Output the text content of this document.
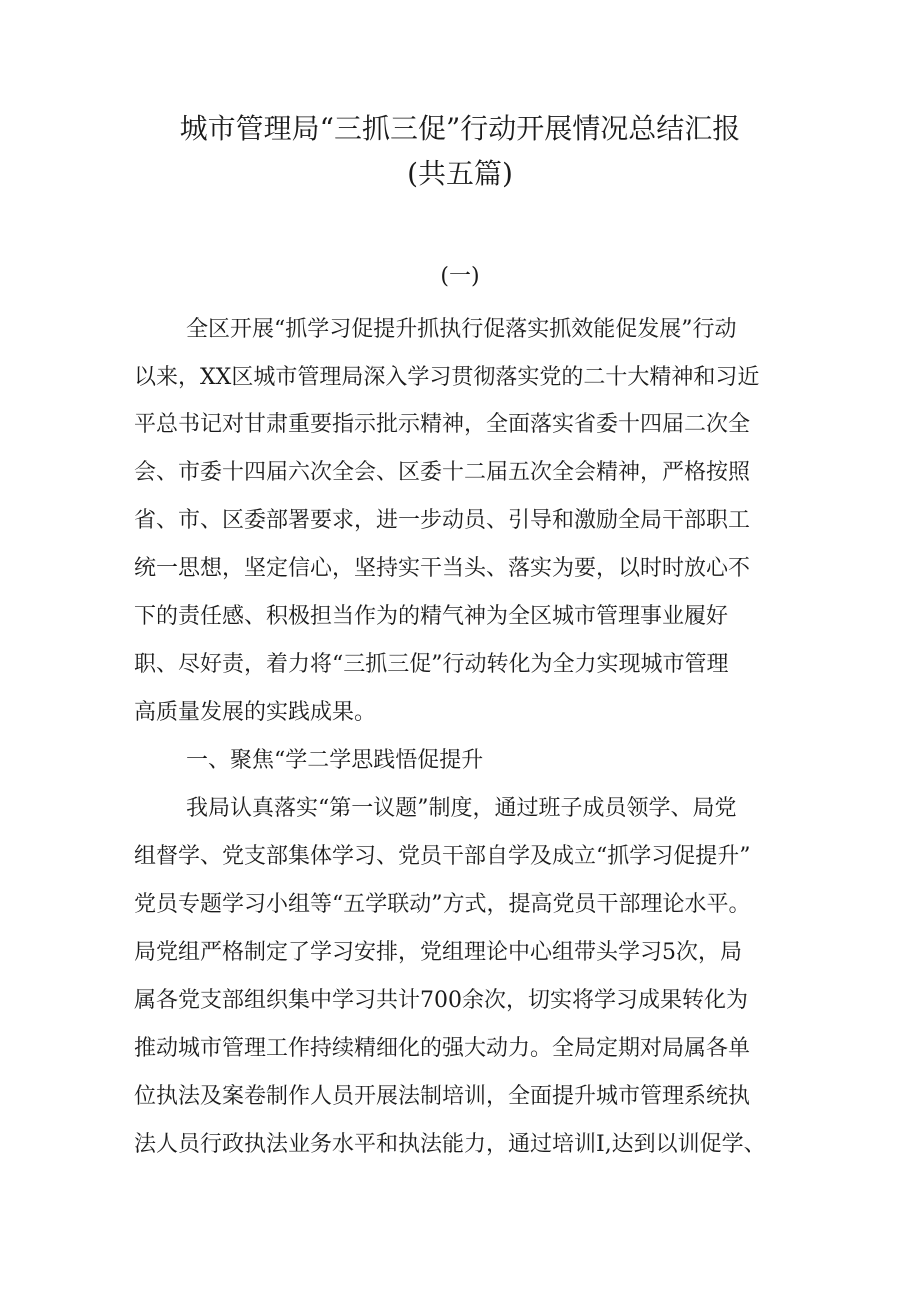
城市管理局“三抓三促”行动开展情况总结汇报
(共五篇)
(一)
全区开展“抓学习促提升抓执行促落实抓效能促发展”行动
以来，XX区城市管理局深入学习贯彻落实党的二十大精神和习近
平总书记对甘肃重要指示批示精神，全面落实省委十四届二次全
会、市委十四届六次全会、区委十二届五次全会精神，严格按照
省、市、区委部署要求，进一步动员、引导和激励全局干部职工
统一思想，坚定信心，坚持实干当头、落实为要，以时时放心不
下的责任感、积极担当作为的精气神为全区城市管理事业履好
职、尽好责，着力将“三抓三促”行动转化为全力实现城市管理
高质量发展的实践成果。
一、聚焦“学二学思践悟促提升
我局认真落实“第一议题”制度，通过班子成员领学、局党
组督学、党支部集体学习、党员干部自学及成立“抓学习促提升”
党员专题学习小组等“五学联动”方式，提高党员干部理论水平。
局党组严格制定了学习安排，党组理论中心组带头学习5次，局
属各党支部组织集中学习共计700余次，切实将学习成果转化为
推动城市管理工作持续精细化的强大动力。全局定期对局属各单
位执法及案卷制作人员开展法制培训，全面提升城市管理系统执
法人员行政执法业务水平和执法能力，通过培训I,达到以训促学、
